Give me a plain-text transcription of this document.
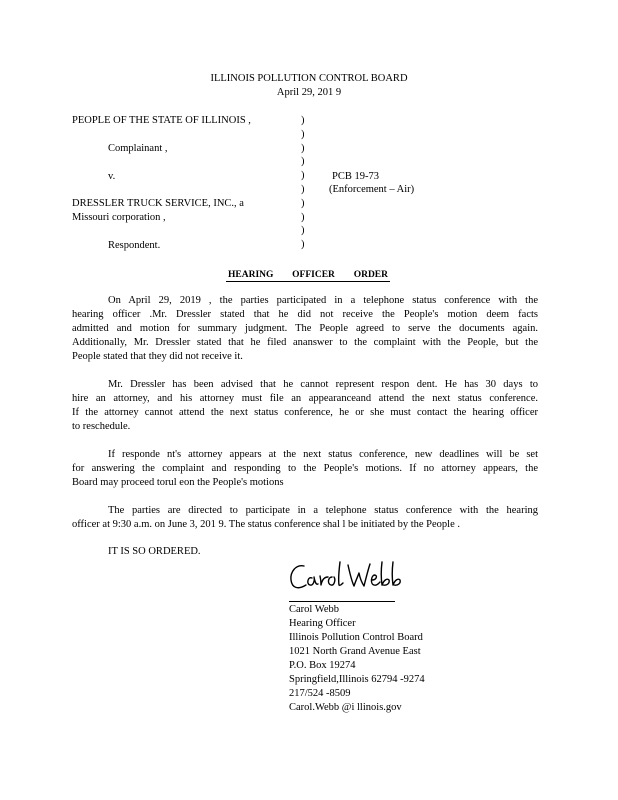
ILLINOIS POLLUTION CONTROL BOARD
April 29, 201 9
PEOPLE OF THE STATE OF ILLINOIS ,
Complainant ,
v.	PCB 19-73
(Enforcement – Air)
DRESSLER TRUCK SERVICE, INC., a
Missouri corporation ,
Respondent.
)
)
)
)
)
)
)
)
)
)
HEARING OFFICER ORDER
On April 29, 2019 , the parties participated in a telephone status conference with the
hearing officer .Mr. Dressler stated that he did not receive the People's motion deem facts
admitted and motion for summary judgment. The People agreed to serve the documents again.
Additionally, Mr. Dressler stated that he filed ananswer to the complaint with the People, but the
People stated that they did not receive it.
Mr. Dressler has been advised that he cannot represent respon dent. He has 30 days to
hire an attorney, and his attorney must file an appearanceand attend the next status conference.
If the attorney cannot attend the next status conference, he or she must contact the hearing officer
to reschedule.
If responde nt's attorney appears at the next status conference, new deadlines will be set
for answering the complaint and responding to the People's motions. If no attorney appears, the
Board may proceed torul eon the People's motions
The parties are directed to participate in a telephone status conference with the hearing
officer at 9:30 a.m. on June 3, 201 9. The status conference shal l be initiated by the People .
IT IS SO ORDERED.
Carol Webb
Hearing Officer
Illinois Pollution Control Board
1021 North Grand Avenue East
P.O. Box 19274
Springfield,Illinois 62794 -9274
217/524 -8509
Carol.Webb @i llinois.gov
